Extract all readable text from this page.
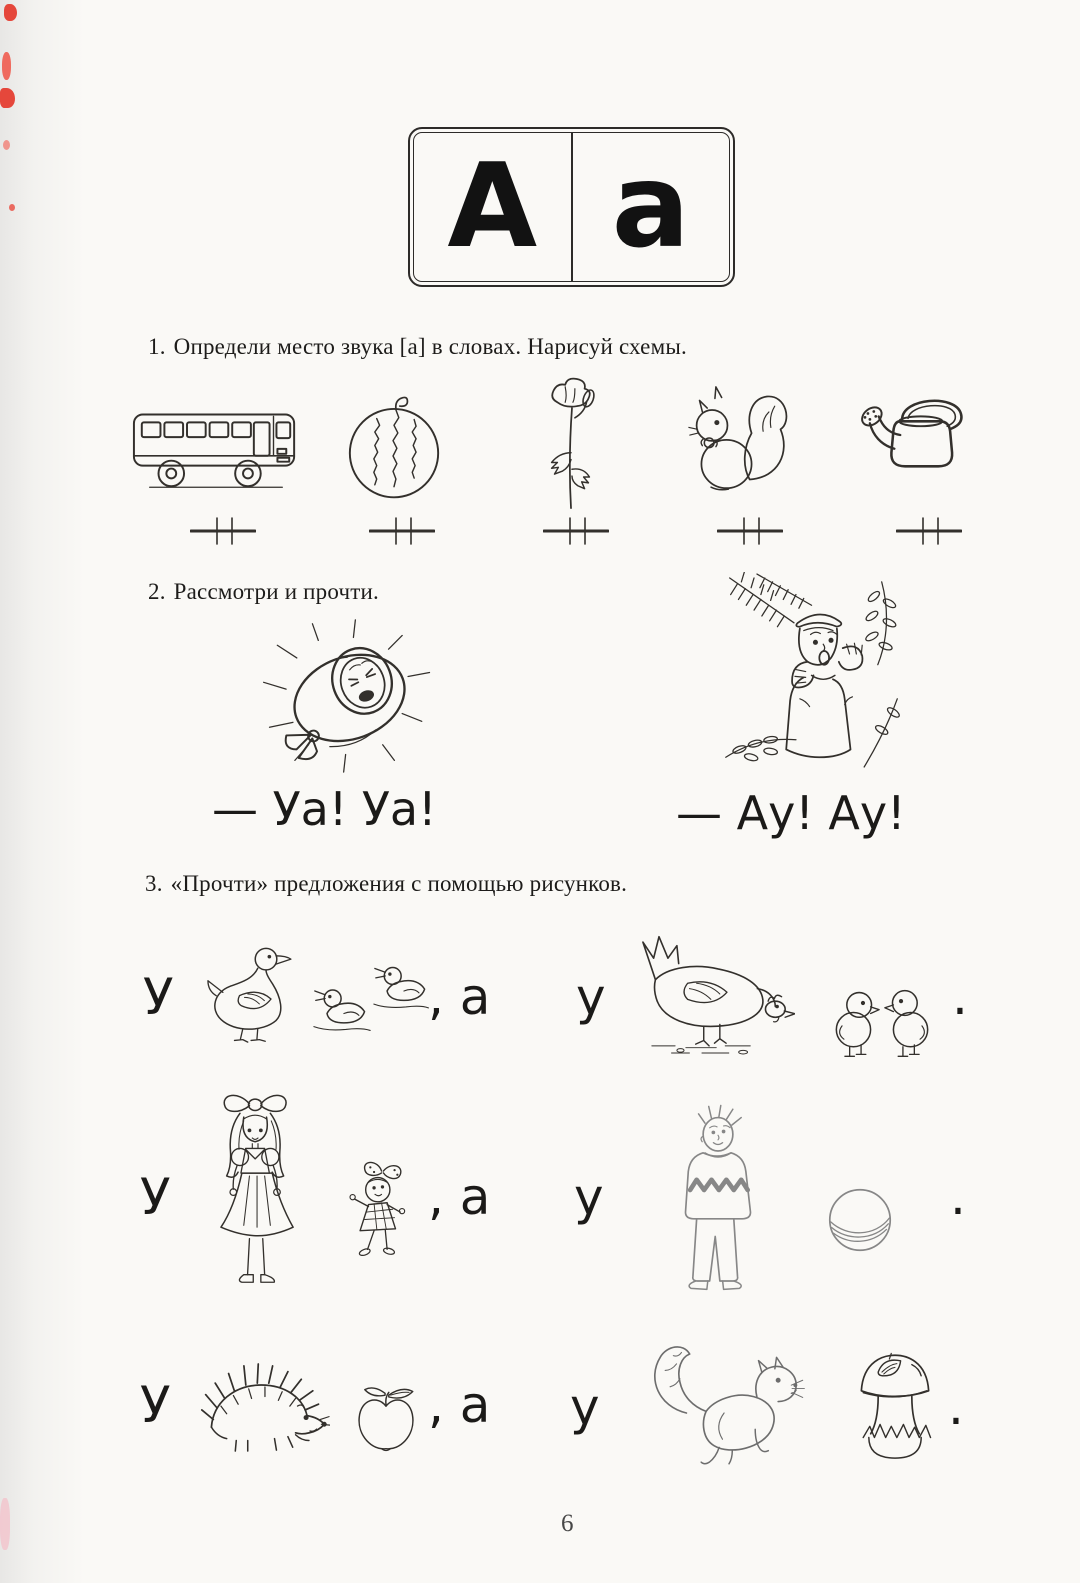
А а
1. Определи место звука [а] в словах. Нарисуй схемы.
2. Рассмотри и прочти.
— Уа! Уа!	— Ау! Ау!
3. «Прочти» предложения с помощью рисунков.
У	, а у	.
У	, а у	.
У	, а у	.
6
